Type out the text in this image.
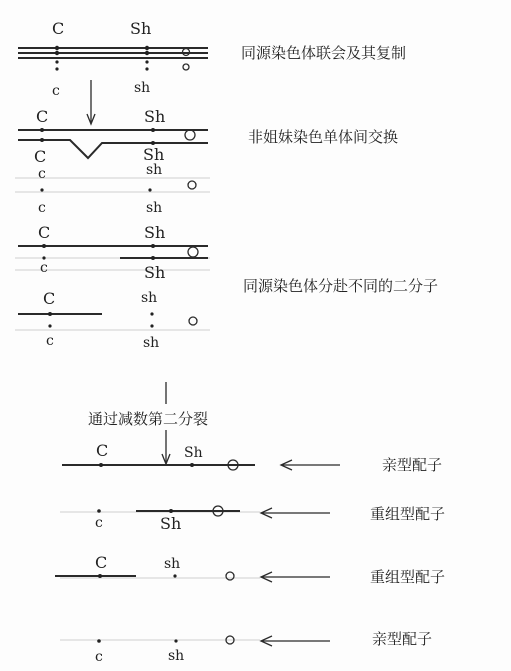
C	Sh
c	sh
同源染色体联会及其复制
C	Sh
C	Sh
c	sh
c	sh
非姐妹染色单体间交换
C	Sh
c	Sh
C	sh
c	sh
同源染色体分赴不同的二分子
通过减数第二分裂
C	Sh
亲型配子
c	Sh	重组型配子
C	sh
重组型配子
c	sh
亲型配子
